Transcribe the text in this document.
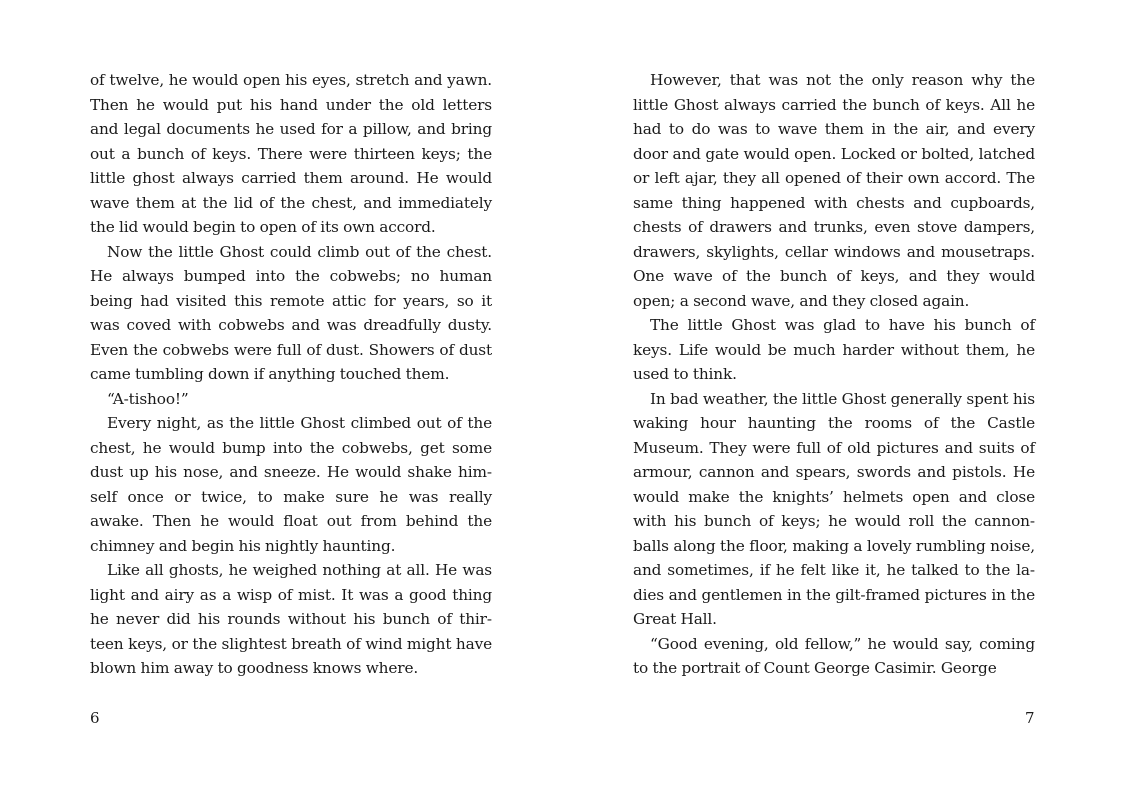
of twelve, he would open his eyes, stretch and yawn. Then he would put his hand under the old letters and legal documents he used for a pillow, and bring out a bunch of keys. There were thirteen keys; the little ghost always carried them around. He would wave them at the lid of the chest, and immediately the lid would begin to open of its own accord.

Now the little Ghost could climb out of the chest. He always bumped into the cobwebs; no human being had visited this remote attic for years, so it was coved with cobwebs and was dreadfully dusty. Even the cobwebs were full of dust. Showers of dust came tumbling down if anything touched them.

“A-tishoo!”

Every night, as the little Ghost climbed out of the chest, he would bump into the cobwebs, get some dust up his nose, and sneeze. He would shake himself once or twice, to make sure he was really awake. Then he would float out from behind the chimney and begin his nightly haunting.

Like all ghosts, he weighed nothing at all. He was light and airy as a wisp of mist. It was a good thing he never did his rounds without his bunch of thirteen keys, or the slightest breath of wind might have blown him away to goodness knows where.

However, that was not the only reason why the little Ghost always carried the bunch of keys. All he had to do was to wave them in the air, and every door and gate would open. Locked or bolted, latched or left ajar, they all opened of their own accord. The same thing happened with chests and cupboards, chests of drawers and trunks, even stove dampers, drawers, skylights, cellar windows and mousetraps. One wave of the bunch of keys, and they would open; a second wave, and they closed again.

The little Ghost was glad to have his bunch of keys. Life would be much harder without them, he used to think.

In bad weather, the little Ghost generally spent his waking hour haunting the rooms of the Castle Museum. They were full of old pictures and suits of armour, cannon and spears, swords and pistols. He would make the knights’ helmets open and close with his bunch of keys; he would roll the cannonballs along the floor, making a lovely rumbling noise, and sometimes, if he felt like it, he talked to the ladies and gentlemen in the gilt-framed pictures in the Great Hall.

“Good evening, old fellow,” he would say, coming to the portrait of Count George Casimir. George

6	7
